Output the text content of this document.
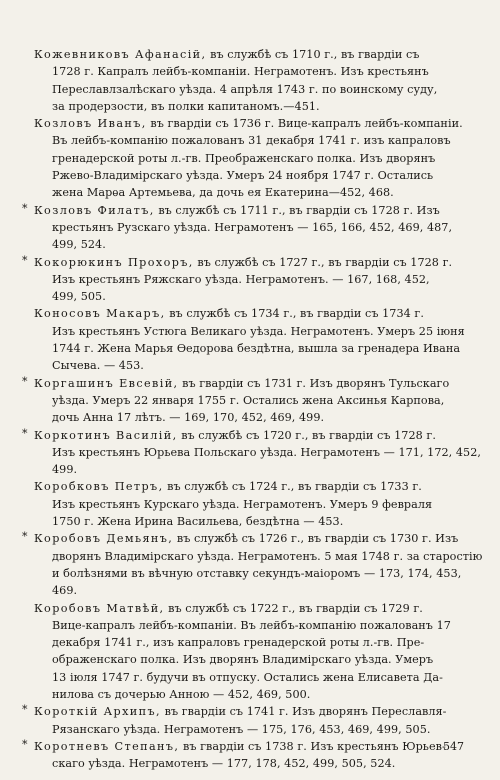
Кожевниковъ Афанасій, въ службѣ съ 1710 г., въ гвардіи съ
1728 г. Капралъ лейбъ-компаніи. Неграмотенъ. Изъ крестьянъ
Переславлзалѣскаго уѣзда. 4 апрѣля 1743 г. по воинскому суду,
за продерзости, въ полки капитаномъ.—451.
Козловъ Иванъ, въ гвардіи съ 1736 г. Вице-капралъ лейбъ-компаніи.
Въ лейбъ-компанію пожалованъ 31 декабря 1741 г. изъ капраловъ
гренадерской роты л.-гв. Преображенскаго полка. Изъ дворянъ
Ржево-Владимірскаго уѣзда. Умеръ 24 ноября 1747 г. Остались
жена Марѳа Артемьева, да дочь ея Екатерина—452, 468.
* Козловъ Филатъ, въ службѣ съ 1711 г., въ гвардіи съ 1728 г. Изъ
крестьянъ Рузскаго уѣзда. Неграмотенъ — 165, 166, 452, 469, 487,
499, 524.
* Кокорюкинъ Прохоръ, въ службѣ съ 1727 г., въ гвардіи съ 1728 г.
Изъ крестьянъ Ряжскаго уѣзда. Неграмотенъ. — 167, 168, 452,
499, 505.
Коносовъ Макаръ, въ службѣ съ 1734 г., въ гвардіи съ 1734 г.
Изъ крестьянъ Устюга Великаго уѣзда. Неграмотенъ. Умеръ 25 іюня
1744 г. Жена Марья Ѳедорова бездѣтна, вышла за гренадера Ивана
Сычева. — 453.
* Коргашинъ Евсевій, въ гвардіи съ 1731 г. Изъ дворянъ Тульскаго
уѣзда. Умеръ 22 января 1755 г. Остались жена Аксинья Карпова,
дочь Анна 17 лѣтъ. — 169, 170, 452, 469, 499.
* Коркотинъ Василій, въ службѣ съ 1720 г., въ гвардіи съ 1728 г.
Изъ крестьянъ Юрьева Польскаго уѣзда. Неграмотенъ — 171, 172, 452,
499.
Коробковъ Петръ, въ службѣ съ 1724 г., въ гвардіи съ 1733 г.
Изъ крестьянъ Курскаго уѣзда. Неграмотенъ. Умеръ 9 февраля
1750 г. Жена Ирина Васильева, бездѣтна — 453.
* Коробовъ Демьянъ, въ службѣ съ 1726 г., въ гвардіи съ 1730 г. Изъ
дворянъ Владимірскаго уѣзда. Неграмотенъ. 5 мая 1748 г. за старостію
и болѣзнями въ вѣчную отставку секундъ-маіоромъ — 173, 174, 453,
469.
Коробовъ Матвѣй, въ службѣ съ 1722 г., въ гвардіи съ 1729 г.
Вице-капралъ лейбъ-компаніи. Въ лейбъ-компанію пожалованъ 17
декабря 1741 г., изъ капраловъ гренадерской роты л.-гв. Пре-
ображенскаго полка. Изъ дворянъ Владимірскаго уѣзда. Умеръ
13 іюля 1747 г. будучи въ отпуску. Остались жена Елисавета Да-
нилова съ дочерью Анною — 452, 469, 500.
* Короткій Архипъ, въ гвардіи съ 1741 г. Изъ дворянъ Переславля-
Рязанскаго уѣзда. Неграмотенъ — 175, 176, 453, 469, 499, 505.
* Коротневъ Степанъ, въ гвардіи съ 1738 г. Изъ крестьянъ Юрьев-
скаго уѣзда. Неграмотенъ — 177, 178, 452, 499, 505, 524.
547
